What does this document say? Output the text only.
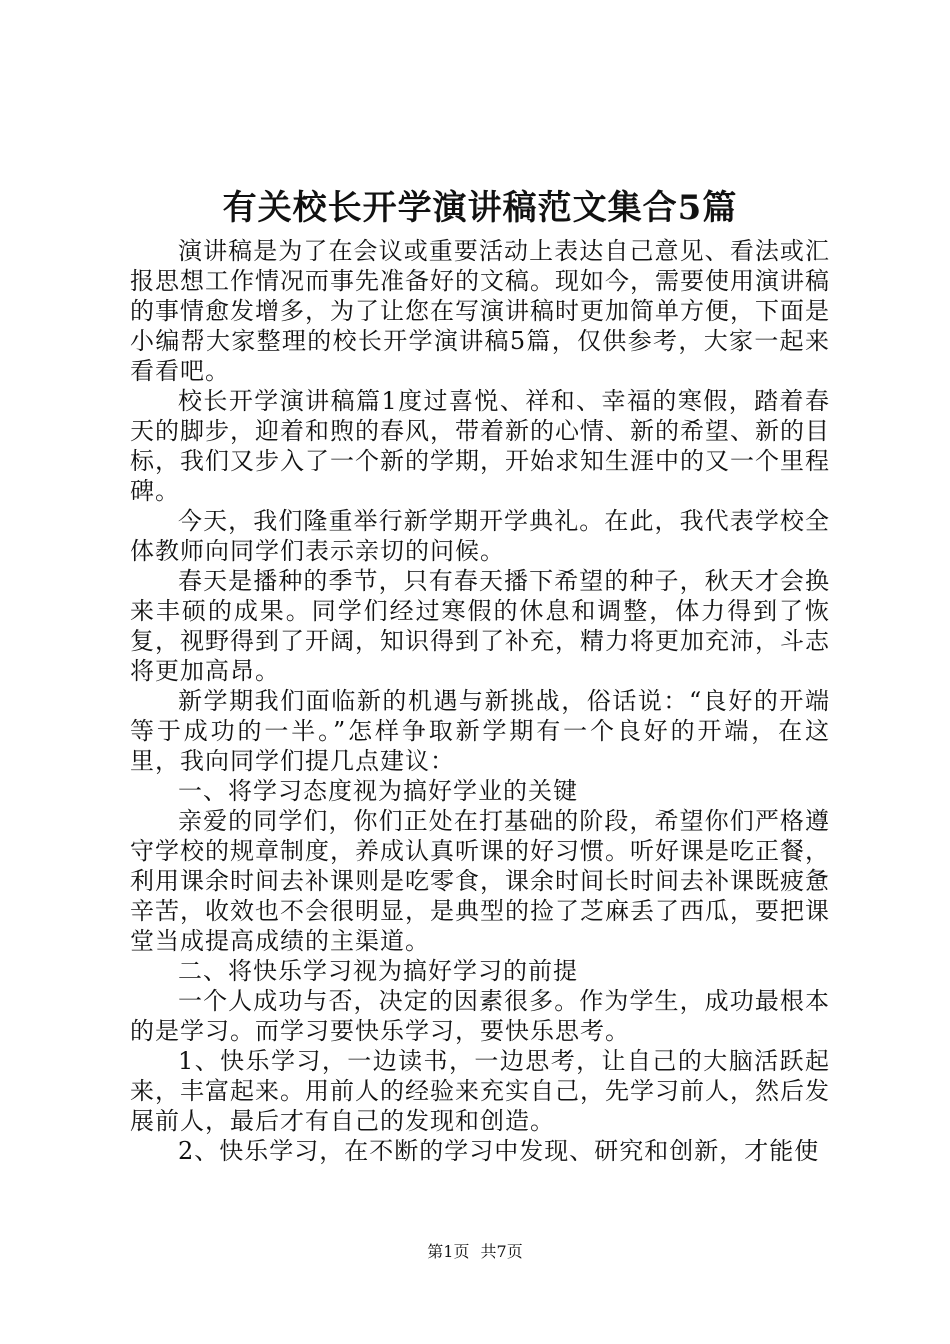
有关校长开学演讲稿范文集合5篇

演讲稿是为了在会议或重要活动上表达自己意见、看法或汇报思想工作情况而事先准备好的文稿。现如今，需要使用演讲稿的事情愈发增多，为了让您在写演讲稿时更加简单方便，下面是小编帮大家整理的校长开学演讲稿5篇，仅供参考，大家一起来看看吧。

校长开学演讲稿篇1度过喜悦、祥和、幸福的寒假，踏着春天的脚步，迎着和煦的春风，带着新的心情、新的希望、新的目标，我们又步入了一个新的学期，开始求知生涯中的又一个里程碑。

今天，我们隆重举行新学期开学典礼。在此，我代表学校全体教师向同学们表示亲切的问候。

春天是播种的季节，只有春天播下希望的种子，秋天才会换来丰硕的成果。同学们经过寒假的休息和调整，体力得到了恢复，视野得到了开阔，知识得到了补充，精力将更加充沛，斗志将更加高昂。

新学期我们面临新的机遇与新挑战，俗话说：“良好的开端等于成功的一半。”怎样争取新学期有一个良好的开端，在这里，我向同学们提几点建议：

一、将学习态度视为搞好学业的关键

亲爱的同学们，你们正处在打基础的阶段，希望你们严格遵守学校的规章制度，养成认真听课的好习惯。听好课是吃正餐，利用课余时间去补课则是吃零食，课余时间长时间去补课既疲惫辛苦，收效也不会很明显，是典型的捡了芝麻丢了西瓜，要把课堂当成提高成绩的主渠道。

二、将快乐学习视为搞好学习的前提

一个人成功与否，决定的因素很多。作为学生，成功最根本的是学习。而学习要快乐学习，要快乐思考。

1、快乐学习，一边读书，一边思考，让自己的大脑活跃起来，丰富起来。用前人的经验来充实自己，先学习前人，然后发展前人，最后才有自己的发现和创造。

2、快乐学习，在不断的学习中发现、研究和创新，才能使

第1页 共7页
